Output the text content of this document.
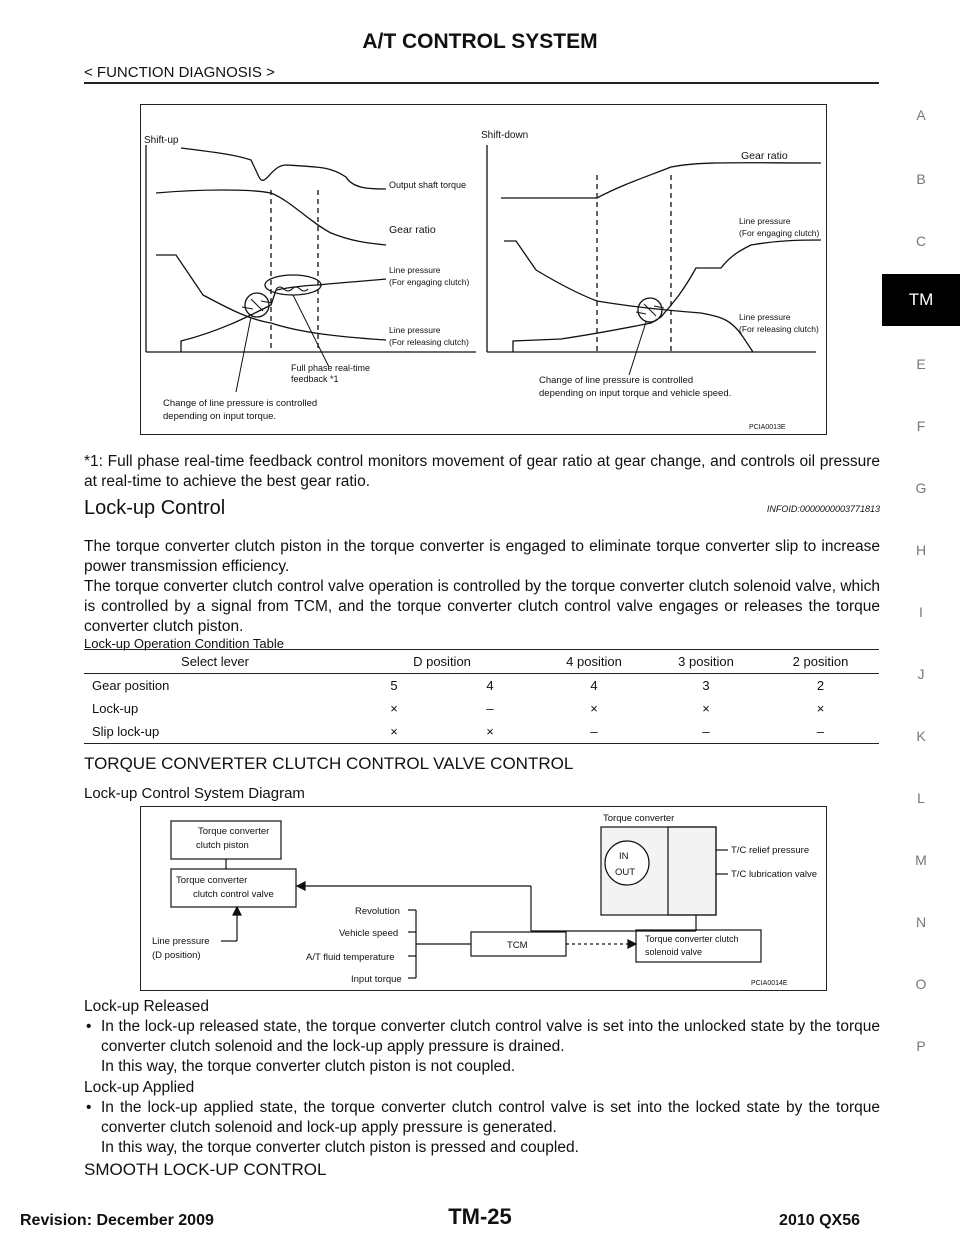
A/T CONTROL SYSTEM
< FUNCTION DIAGNOSIS >
A
B
C
TM
E
F
G
H
I
J
K
L
M
N
O
P
Shift-up	Shift-down
Output shaft torque
Gear ratio
Line pressure
(For engaging clutch)
Line pressure
(For releasing clutch)
Full phase real-time
feedback *1
Change of line pressure is controlled
depending on input torque.
Gear ratio
Line pressure
(For engaging clutch)
Line pressure
(For releasing clutch)
Change of line pressure is controlled
depending on input torque and vehicle speed.
PCIA0013E
*1: Full phase real-time feedback control monitors movement of gear ratio at gear change, and controls oil pressure at real-time to achieve the best gear ratio.
Lock-up Control	INFOID:0000000003771813
The torque converter clutch piston in the torque converter is engaged to eliminate torque converter slip to increase power transmission efficiency.
The torque converter clutch control valve operation is controlled by the torque converter clutch solenoid valve, which is controlled by a signal from TCM, and the torque converter clutch control valve engages or releases the torque converter clutch piston.
Lock-up Operation Condition Table
Select lever	D position		4 position	3 position	2 position
Gear position	5	4	4	3	2
Lock-up	×	–	×	×	×
Slip lock-up	×	×	–	–	–
TORQUE CONVERTER CLUTCH CONTROL VALVE CONTROL
Lock-up Control System Diagram
Torque converter
clutch piston
Torque converter
clutch control valve
Torque converter
IN
OUT
T/C relief pressure
T/C lubrication valve
Revolution
Vehicle speed
A/T fluid temperature
Input torque
Line pressure
(D position)
TCM
Torque converter clutch
solenoid valve
PCIA0014E
Lock-up Released
• In the lock-up released state, the torque converter clutch control valve is set into the unlocked state by the torque converter clutch solenoid and the lock-up apply pressure is drained.
In this way, the torque converter clutch piston is not coupled.
Lock-up Applied
• In the lock-up applied state, the torque converter clutch control valve is set into the locked state by the torque converter clutch solenoid and lock-up apply pressure is generated.
In this way, the torque converter clutch piston is pressed and coupled.
SMOOTH LOCK-UP CONTROL
Revision: December 2009	TM-25	2010 QX56
